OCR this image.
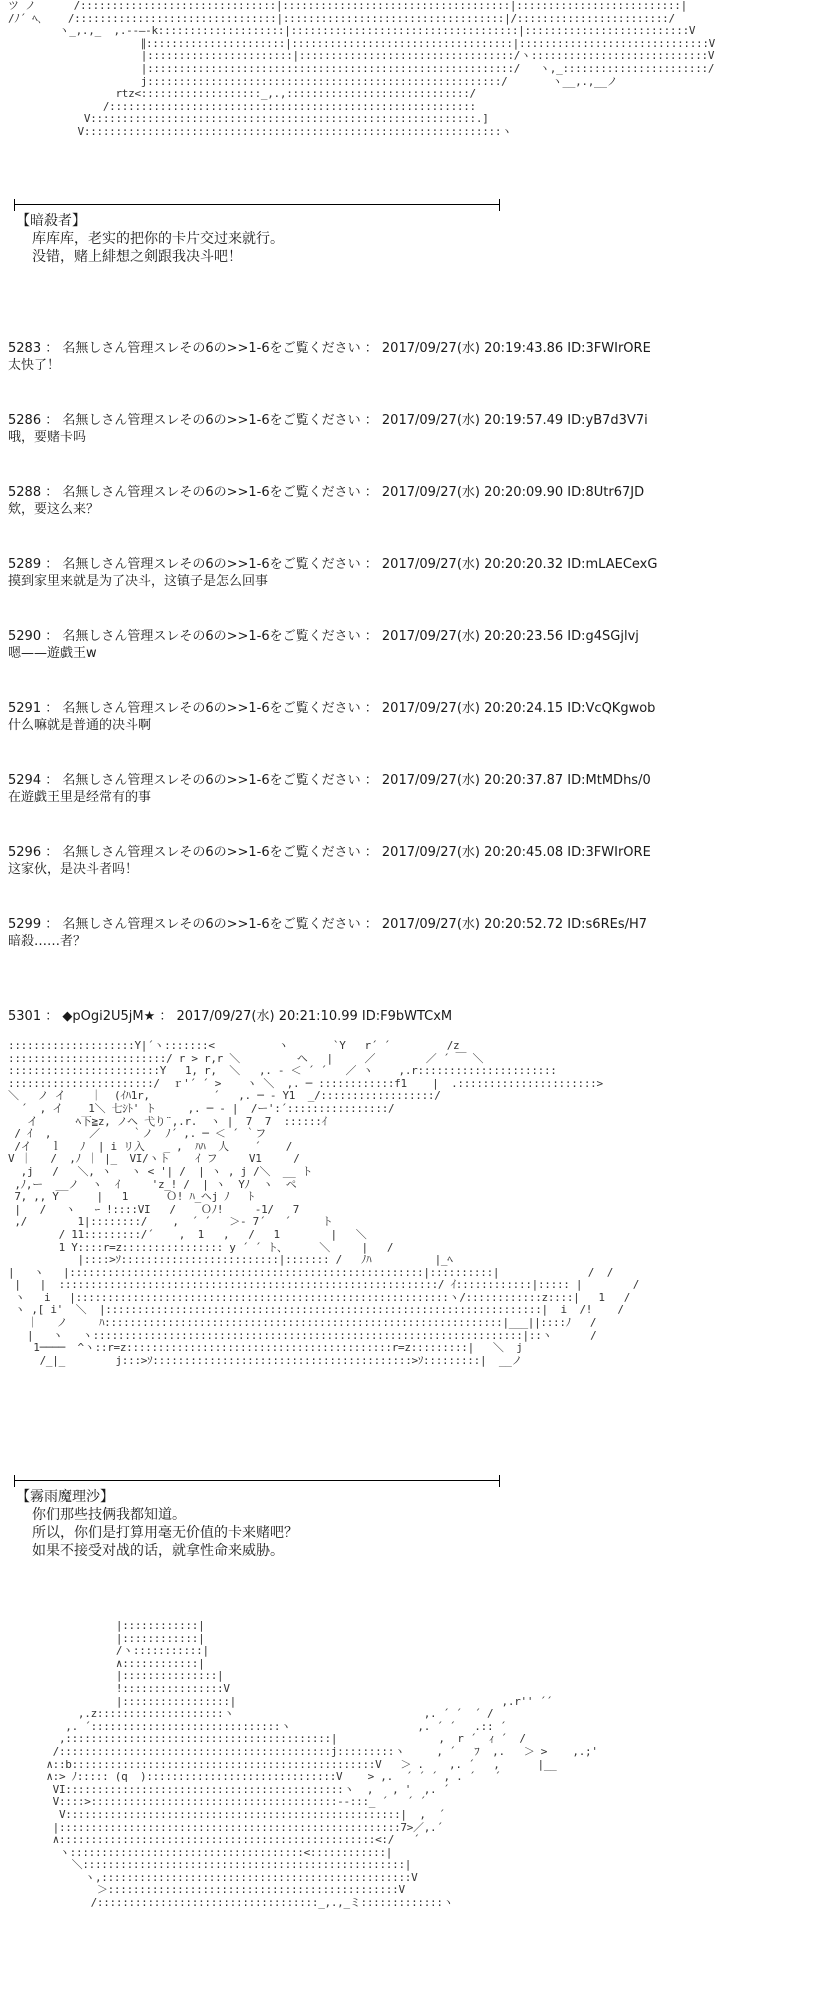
ツ ノ      /:::::::::::::::::::::::::::::::|::::::::::::::::::::::::::::::::::::|::::::::::::::::::::::::::|
/ﾉ´ ﾍ､    /::::::::::::::::::::::::::::::::|:::::::::::::::::::::::::::::::::::|/::::::::::::::::::::::::/
ヽ_,.,_  ,.--―‐k::::::::::::::::::::|::::::::::::::::::::::::::::::::::::|::::::::::::::::::::::::::V
∥::::::::::::::::::::::|:::::::::::::::::::::::::::::::::::|::::::::::::::::::::::::::::::V
|:::::::::::::::::::::::|::::::::::::::::::::::::::::::::::/ヽ::::::::::::::::::::::::::::V
|::::::::::::::::::::::::::::::::::::::::::::::::::::::::::/   ヽ,_:::::::::::::::::::::::/
j::::::::::::::::::::::::::::::::::::::::::::::::::::::::/       ヽ__,.,__ノ
rtz<:::::::::::::::::::_,.,:::::::::::::::::::::::::::::/
/::::::::::::::::::::::::::::::::::::::::::::::::::::::::::
V:::::::::::::::::::::::::::::::::::::::::::::::::::::::::::::.]
V::::::::::::::::::::::::::::::::::::::::::::::::::::::::::::::::::ヽ
【暗殺者】
库库库，老实的把你的卡片交过来就行。
没错，赌上緋想之剣跟我决斗吧！
5283 ： 名無しさん管理スレその6の>>1-6をご覧ください ： 2017/09/27(水) 20:19:43.86 ID:3FWIrORE
太快了！
5286 ： 名無しさん管理スレその6の>>1-6をご覧ください ： 2017/09/27(水) 20:19:57.49 ID:yB7d3V7i
哦，要赌卡吗
5288 ： 名無しさん管理スレその6の>>1-6をご覧ください ： 2017/09/27(水) 20:20:09.90 ID:8Utr67JD
欸，要这么来？
5289 ： 名無しさん管理スレその6の>>1-6をご覧ください ： 2017/09/27(水) 20:20:20.32 ID:mLAECexG
摸到家里来就是为了决斗，这镇子是怎么回事
5290 ： 名無しさん管理スレその6の>>1-6をご覧ください ： 2017/09/27(水) 20:20:23.56 ID:g4SGjlvj
嗯——遊戯王w
5291 ： 名無しさん管理スレその6の>>1-6をご覧ください ： 2017/09/27(水) 20:20:24.15 ID:VcQKgwob
什么嘛就是普通的决斗啊
5294 ： 名無しさん管理スレその6の>>1-6をご覧ください ： 2017/09/27(水) 20:20:37.87 ID:MtMDhs/0
在遊戯王里是经常有的事
5296 ： 名無しさん管理スレその6の>>1-6をご覧ください ： 2017/09/27(水) 20:20:45.08 ID:3FWIrORE
这家伙，是决斗者吗！
5299 ： 名無しさん管理スレその6の>>1-6をご覧ください ： 2017/09/27(水) 20:20:52.72 ID:s6REs/H7
暗殺……者？
5301 ： ◆pOgi2U5jM★ ： 2017/09/27(水) 20:21:10.99 ID:F9bWTCxM
::::::::::::::::::::Y|´ヽ:::::::<          ヽ       `Y   r´ ´         /z
:::::::::::::::::::::::::/ r > r,r ＼         ヘ   |     ／        ／ ´ ￣ ＼
::::::::::::::::::::::::Y   1, r,  ＼   ,. ‐ ＜ ´ ´   ／ ヽ    ,.r::::::::::::::::::::::
:::::::::::::::::::::::/  ｒ'´ ´ >    ヽ ＼  ,. ─ ::::::::::::f1    |  .::::::::::::::::::::::>
＼   ノ イ    ｜  (ｲﾊ1r,          ´   ,. ─ ‐ Y1  _/::::::::::::::::::/
´  , イ    1＼ 七ｼﾄ' ト     ,. ─ ‐ |  /ー':´::::::::::::::::/
イ      ﾍ下≧z, ノヘ 弋り¨,.r.  ヽ |  7  7  ::::::ｲ
/ ｲ  ,      ／     ｀ノ  ﾉ´ ,. ─ ＜ ´ ｀フ
/イ   ｌ   ﾉ  | i リ入   _ ,  ﾊﾊ  人    ´    /
V ｜   /  ,ﾉ ｜ |_  VI/ヽト    ｲ フ     V1     /
,j   /   ＼, ヽ   ヽ < '| /  | ヽ , j /＼  __ ト
,ﾉ,ー  __ノ  ヽ  ｲ     'z_! /  | ヽ  Yﾉ  ヽ  ペ
7, ,, Y      |   1      Ｏ! ﾊ_ヘj ﾉ   ﾄ
|   /   ヽ   ｰ !::::VI   /    Ｏﾉ!     -1/   7
,/        1|::::::::/    ,  ´ ´   ＞‐ 7´   ´     ト
/ 11:::::::::/´    ,  1   ,   /   1        |   ＼
1 Y::::r=z:::::::::::::::: y ´ ´ ト、     ＼     |   /
|::::>ｿ:::::::::::::::::::::::::|::::::: /   ﾉﾊ          |_ﾍ
|   ヽ   |::::::::::::::::::::::::::::::::::::::::::::::::::::::::|::::::::::|              /  /
|   |  ::::::::::::::::::::::::::::::::::::::::::::::::::::::::::::/ ｲ::::::::::::|::::: |        /
ヽ   i   |:::::::::::::::::::::::::::::::::::::::::::::::::::::::::::ヽ/::::::::::::z::::|   1   /
ヽ ,[ i'  ＼  |:::::::::::::::::::::::::::::::::::::::::::::::::::::::::::::::::::::|  i  /!    /
｜   ノ     ﾊ:::::::::::::::::::::::::::::::::::::::::::::::::::::::::::::::|___||::::ﾉ   /
|   ヽ   ヽ::::::::::::::::::::::::::::::::::::::::::::::::::::::::::::::::::::|::ヽ      /
1────  ^ヽ::r=z::::::::::::::::::::::::::::::::::::::::::r=z:::::::::|   ＼  j
/_|_        j:::>ｿ:::::::::::::::::::::::::::::::::::::::::>ｿ:::::::::|  __ノ
【霧雨魔理沙】
你们那些技俩我都知道。
所以，你们是打算用毫无价值的卡来赌吧？
如果不接受对战的话，就拿性命来威胁。
|::::::::::::|
|::::::::::::|
/ヽ:::::::::::|
∧::::::::::::|
|:::::::::::::::|
!::::::::::::::::V
|:::::::::::::::::|                                          ,.r'' ´´
,.z::::::::::::::::::::ヽ                              ,. ´ ´  ´ /
,. ´::::::::::::::::::::::::::::::ヽ                    ,. ´ ´   .:: ´
,::::::::::::::::::::::::::::::::::::::::::|                ,  r ´  ｨ ´  /
/:::::::::::::::::::::::::::::::::::::::::::j:::::::::ヽ     , ´   ﾌ  ,.   ＞ >    ,.;'
∧::b::::::::::::::::::::::::::::::::::::::::::::::::V   ＞ .    ,. ´   ,      |__
∧:> ﾉ::::: (q  )::::::::::::::::::::::::::::::V    > ,.  ´ ´ ´ , . ´   ´
VI::::::::::::::::::::::::::::::::::::::::::::ヽ  ,   , '  ,. ´
V::::>:::::::::::::::::::::::::::::::::::::::--:::_ ´   ´ ´
V:::::::::::::::::::::::::::::::::::::::::::::::::::::|  ,  ´
|::::::::::::::::::::::::::::::::::::::::::::::::::::::7>／,.´
∧::::::::::::::::::::::::::::::::::::::::::::::::::<:/   ´
ヽ:::::::::::::::::::::::::::::::::::::<::::::::::::|
＼:::::::::::::::::::::::::::::::::::::::::::::::::::|
ヽ,:::::::::::::::::::::::::::::::::::::::::::::::::V
＞::::::::::::::::::::::::::::::::::::::::::::::V
/:::::::::::::::::::::::::::::::::::_,.,_ミ:::::::::::::ヽ
